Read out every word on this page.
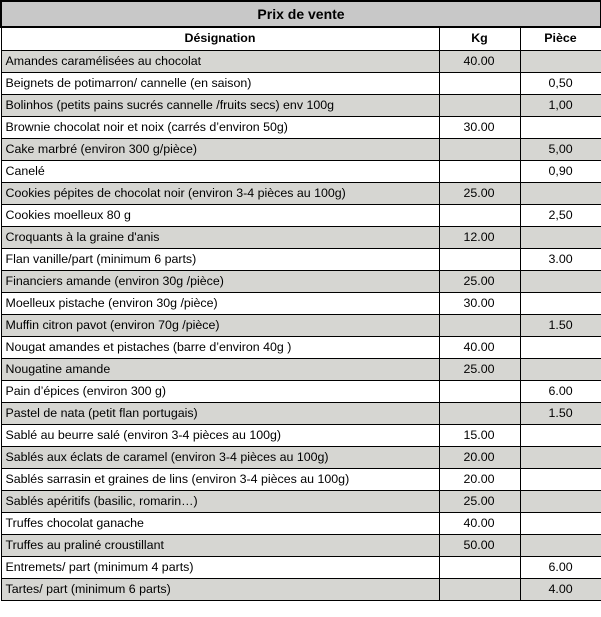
Prix de vente		
Désignation	Kg	Pièce
Amandes caramélisées au chocolat	40.00	
Beignets de potimarron/ cannelle (en saison)		0,50
Bolinhos (petits pains sucrés cannelle /fruits secs) env 100g		1,00
Brownie chocolat noir et noix (carrés d’environ 50g)	30.00	
Cake marbré (environ 300 g/pièce)		5,00
Canelé		0,90
Cookies pépites de chocolat noir (environ 3-4 pièces au 100g)	25.00	
Cookies moelleux 80 g		2,50
Croquants à la graine d'anis	12.00	
Flan vanille/part (minimum 6 parts)		3.00
Financiers amande (environ 30g /pièce)	25.00	
Moelleux pistache (environ 30g /pièce)	30.00	
Muffin citron pavot (environ 70g /pièce)		1.50
Nougat amandes et pistaches (barre d’environ 40g )	40.00	
Nougatine amande	25.00	
Pain d’épices (environ 300 g)		6.00
Pastel de nata (petit flan portugais)		1.50
Sablé au beurre salé (environ 3-4 pièces au 100g)	15.00	
Sablés aux éclats de caramel (environ 3-4 pièces au 100g)	20.00	
Sablés sarrasin et graines de lins (environ 3-4 pièces au 100g)	20.00	
Sablés apéritifs (basilic, romarin…)	25.00	
Truffes chocolat ganache	40.00	
Truffes au praliné croustillant	50.00	
Entremets/ part (minimum 4 parts)		6.00
Tartes/ part (minimum 6 parts)		4.00
